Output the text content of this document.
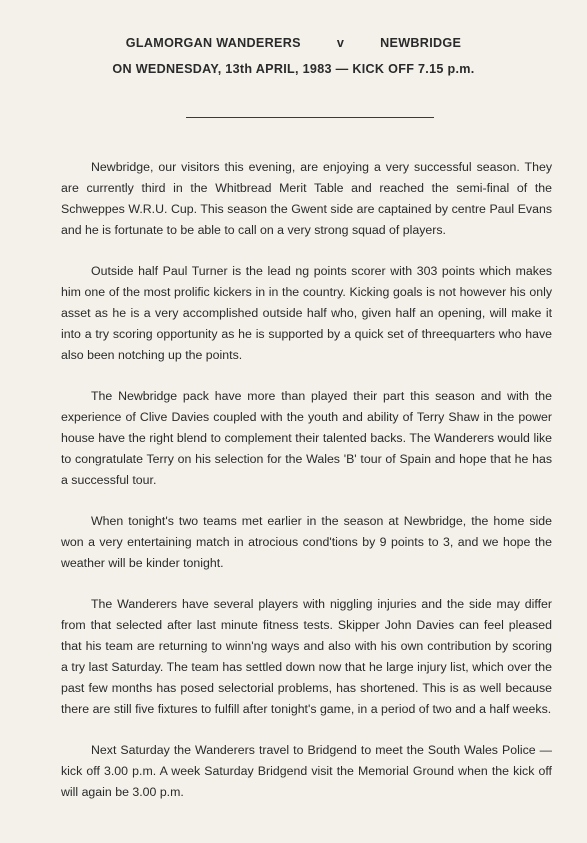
GLAMORGAN WANDERERS	v	NEWBRIDGE
ON WEDNESDAY, 13th APRIL, 1983 — KICK OFF 7.15 p.m.

Newbridge, our visitors this evening, are enjoying a very successful season. They are currently third in the Whitbread Merit Table and reached the semi-final of the Schweppes W.R.U. Cup. This season the Gwent side are captained by centre Paul Evans and he is fortunate to be able to call on a very strong squad of players.

Outside half Paul Turner is the lead ng points scorer with 303 points which makes him one of the most prolific kickers in in the country. Kicking goals is not however his only asset as he is a very accomplished outside half who, given half an opening, will make it into a try scoring opportunity as he is supported by a quick set of threequarters who have also been notching up the points.

The Newbridge pack have more than played their part this season and with the experience of Clive Davies coupled with the youth and ability of Terry Shaw in the power house have the right blend to complement their talented backs. The Wanderers would like to congratulate Terry on his selection for the Wales 'B' tour of Spain and hope that he has a successful tour.

When tonight's two teams met earlier in the season at Newbridge, the home side won a very entertaining match in atrocious cond'tions by 9 points to 3, and we hope the weather will be kinder tonight.

The Wanderers have several players with niggling injuries and the side may differ from that selected after last minute fitness tests. Skipper John Davies can feel pleased that his team are returning to winn'ng ways and also with his own contribution by scoring a try last Saturday. The team has settled down now that he large injury list, which over the past few months has posed selectorial problems, has shortened. This is as well because there are still five fixtures to fulfill after tonight's game, in a period of two and a half weeks.

Next Saturday the Wanderers travel to Bridgend to meet the South Wales Police — kick off 3.00 p.m. A week Saturday Bridgend visit the Memorial Ground when the kick off will again be 3.00 p.m.
